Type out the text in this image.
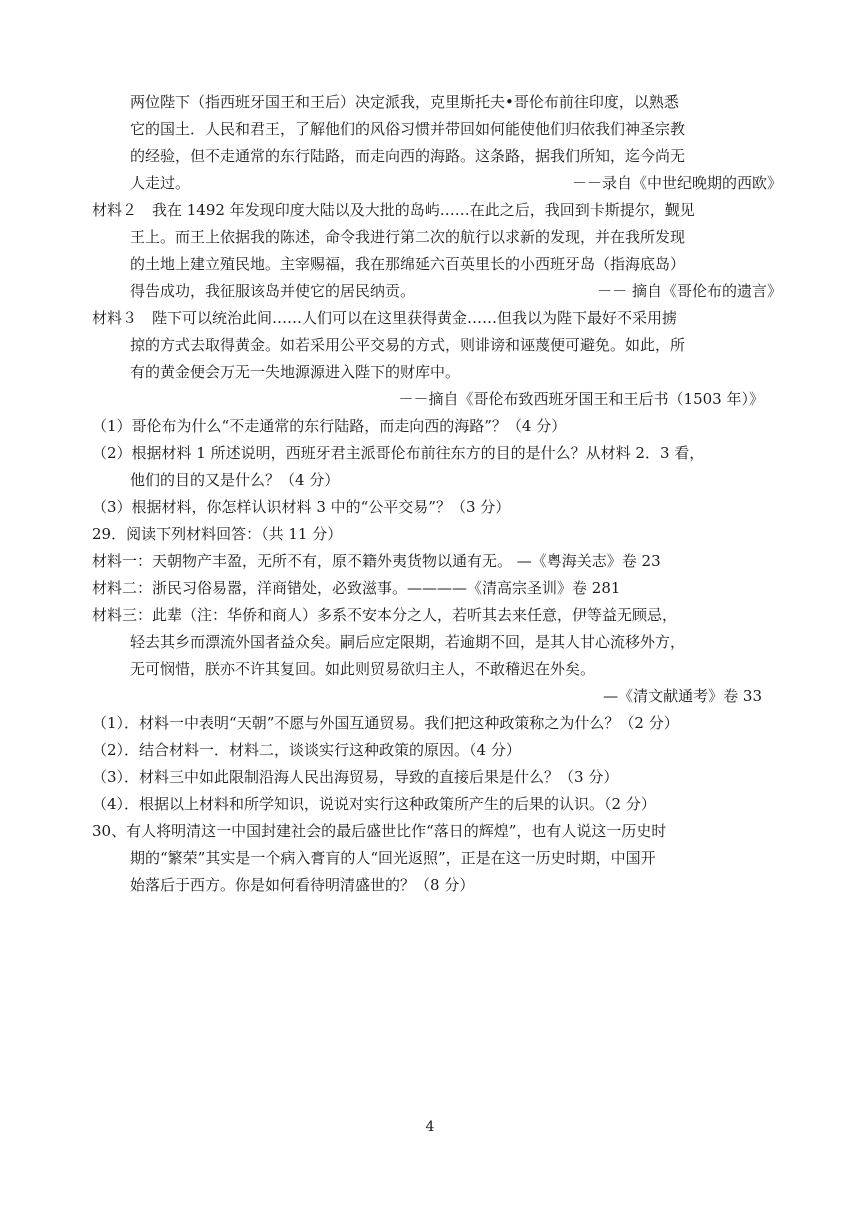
两位陛下（指西班牙国王和王后）决定派我，克里斯托夫•哥伦布前往印度，以熟悉
它的国土．人民和君王，了解他们的风俗习惯并带回如何能使他们归依我们神圣宗教
的经验，但不走通常的东行陆路，而走向西的海路。这条路，据我们所知，迄今尚无
人走过。	－－录自《中世纪晚期的西欧》
材料２　我在 1492 年发现印度大陆以及大批的岛屿……在此之后，我回到卡斯提尔，觐见
王上。而王上依据我的陈述，命令我进行第二次的航行以求新的发现，并在我所发现
的土地上建立殖民地。主宰赐福，我在那绵延六百英里长的小西班牙岛（指海底岛）
得告成功，我征服该岛并使它的居民纳贡。	－－ 摘自《哥伦布的遗言》
材料３　陛下可以统治此间……人们可以在这里获得黄金……但我以为陛下最好不采用掳
掠的方式去取得黄金。如若采用公平交易的方式，则诽谤和诬蔑便可避免。如此，所
有的黄金便会万无一失地源源进入陛下的财库中。
－－摘自《哥伦布致西班牙国王和王后书（1503 年）》
（1）哥伦布为什么“不走通常的东行陆路，而走向西的海路”？（4 分）
（2）根据材料 1 所述说明，西班牙君主派哥伦布前往东方的目的是什么？从材料 2．3 看，
他们的目的又是什么？（4 分）
（3）根据材料，你怎样认识材料 3 中的“公平交易”？（3 分）
29．阅读下列材料回答：（共 11 分）
材料一：天朝物产丰盈，无所不有，原不籍外夷货物以通有无。 —《粤海关志》卷 23
材料二：浙民习俗易嚣，洋商错处，必致滋事。————《清高宗圣训》卷 281
材料三：此辈（注：华侨和商人）多系不安本分之人，若听其去来任意，伊等益无顾忌，
轻去其乡而漂流外国者益众矣。嗣后应定限期，若逾期不回，是其人甘心流移外方，
无可悯惜，朕亦不许其复回。如此则贸易欲归主人，不敢稽迟在外矣。
—《清文献通考》卷 33
（1）．材料一中表明“天朝”不愿与外国互通贸易。我们把这种政策称之为什么？（2 分）
（2）．结合材料一．材料二，谈谈实行这种政策的原因。（4 分）
（3）．材料三中如此限制沿海人民出海贸易，导致的直接后果是什么？（3 分）
（4）．根据以上材料和所学知识，说说对实行这种政策所产生的后果的认识。（2 分）
30、有人将明清这一中国封建社会的最后盛世比作“落日的辉煌”，也有人说这一历史时
期的“繁荣”其实是一个病入膏肓的人“回光返照”，正是在这一历史时期，中国开
始落后于西方。你是如何看待明清盛世的？（8 分）
4
